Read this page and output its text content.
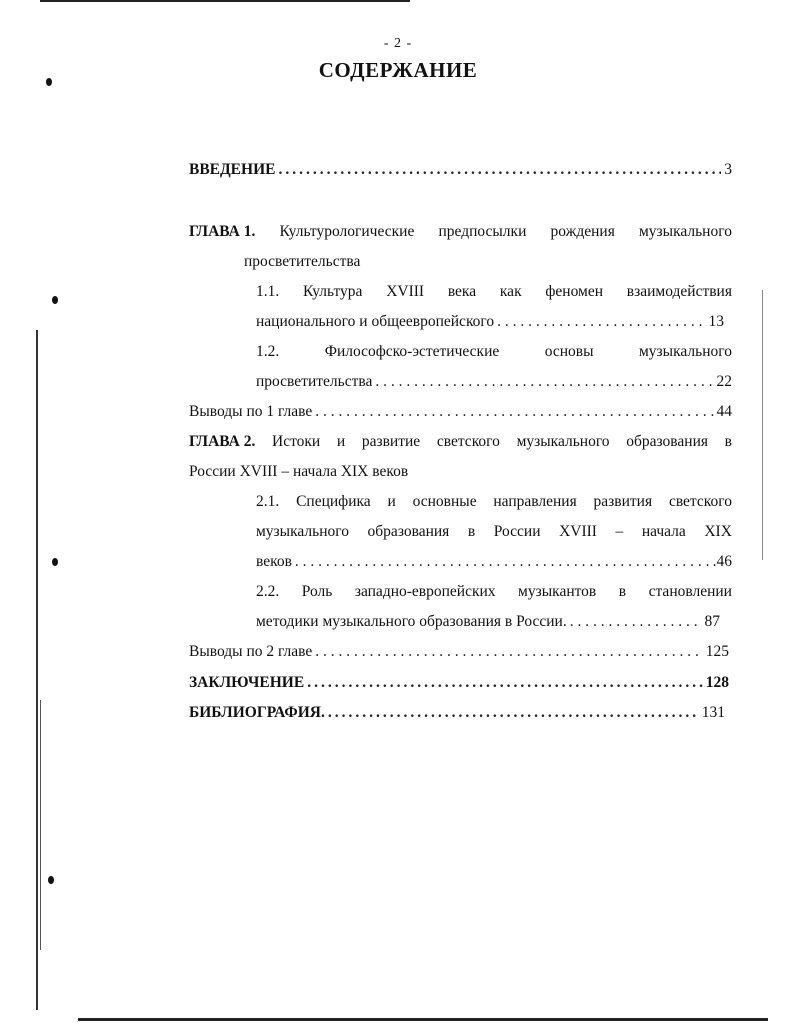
- 2 -
СОДЕРЖАНИЕ
ВВЕДЕНИЕ .....	3
ГЛАВА 1. Культурологические предпосылки рождения музыкального
просветительства
1.1. Культура XVIII века как феномен взаимодействия
национального и общеевропейского . . .	13
1.2.	Философско-эстетические	основы	музыкального
просветительства . . .	22
Выводы по 1 главе . . .	44
ГЛАВА 2. Истоки и развитие светского музыкального образования в
России XVIII – начала XIX веков
2.1. Специфика и основные направления развития светского
музыкального образования в России XVIII – начала XIX
веков . . .	.46
2.2. Роль западно-европейских музыкантов в становлении
методики музыкального образования в России. . . .	87
Выводы по 2 главе . . .	125
ЗАКЛЮЧЕНИЕ .....	128
БИБЛИОГРАФИЯ. .....	131
